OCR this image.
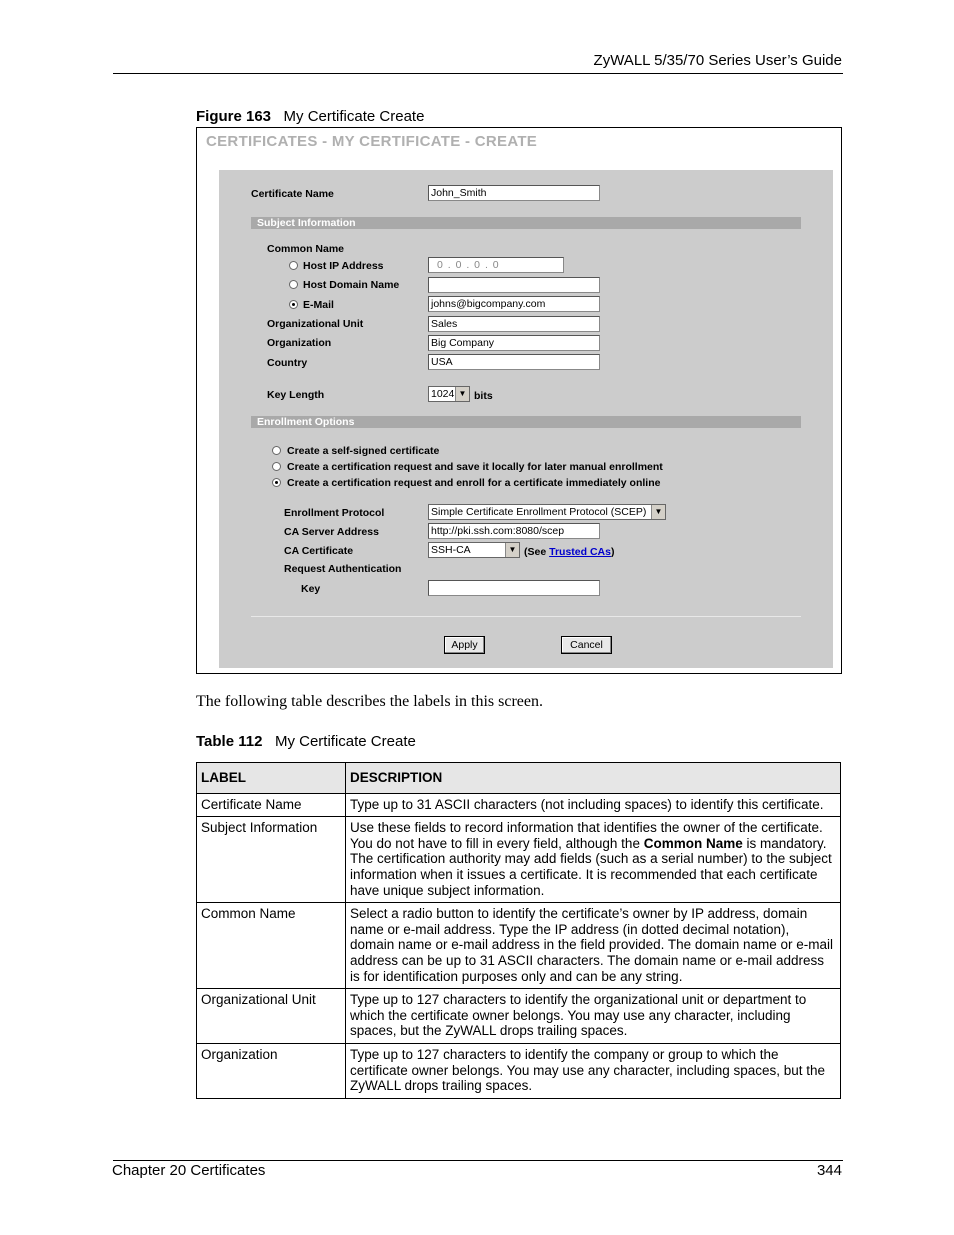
ZyWALL 5/35/70 Series User’s Guide
Figure 163 My Certificate Create
CERTIFICATES - MY CERTIFICATE - CREATE
Certificate Name	John_Smith
Subject Information
Common Name
Host IP Address	0 . 0 . 0 . 0
Host Domain Name
E-Mail	johns@bigcompany.com
Organizational Unit	Sales
Organization	Big Company
Country	USA
Key Length	1024 ▼ bits
Enrollment Options
Create a self-signed certificate
Create a certification request and save it locally for later manual enrollment
Create a certification request and enroll for a certificate immediately online
Enrollment Protocol	Simple Certificate Enrollment Protocol (SCEP)	▼
CA Server Address	http://pki.ssh.com:8080/scep
CA Certificate	SSH-CA	▼ (See Trusted CAs)
Request Authentication
Key
Apply	Cancel
The following table describes the labels in this screen.
Table 112 My Certificate Create
LABEL	DESCRIPTION
Certificate Name	Type up to 31 ASCII characters (not including spaces) to identify this certificate.
Subject Information	Use these fields to record information that identifies the owner of the certificate. You do not have to fill in every field, although the Common Name is mandatory. The certification authority may add fields (such as a serial number) to the subject information when it issues a certificate. It is recommended that each certificate have unique subject information.
Common Name	Select a radio button to identify the certificate’s owner by IP address, domain name or e-mail address. Type the IP address (in dotted decimal notation), domain name or e-mail address in the field provided. The domain name or e-mail address can be up to 31 ASCII characters. The domain name or e-mail address is for identification purposes only and can be any string.
Organizational Unit	Type up to 127 characters to identify the organizational unit or department to which the certificate owner belongs. You may use any character, including spaces, but the ZyWALL drops trailing spaces.
Organization	Type up to 127 characters to identify the company or group to which the certificate owner belongs. You may use any character, including spaces, but the ZyWALL drops trailing spaces.
Chapter 20 Certificates	344
